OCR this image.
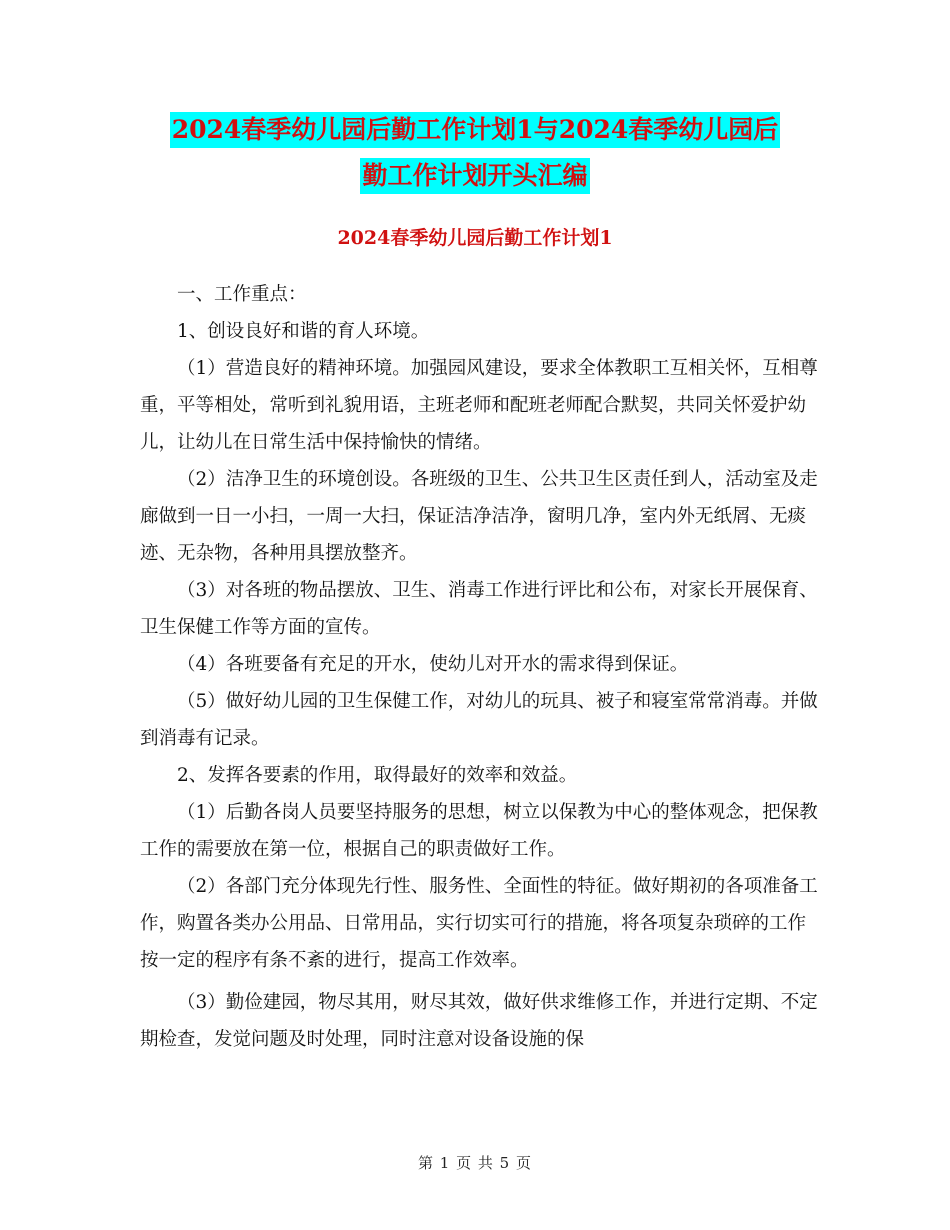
2024春季幼儿园后勤工作计划1与2024春季幼儿园后
勤工作计划开头汇编
2024春季幼儿园后勤工作计划1

一、工作重点：

1、创设良好和谐的育人环境。

（1）营造良好的精神环境。加强园风建设，要求全体教职工互相关怀，互相尊重，平等相处，常听到礼貌用语，主班老师和配班老师配合默契，共同关怀爱护幼儿，让幼儿在日常生活中保持愉快的情绪。

（2）洁净卫生的环境创设。各班级的卫生、公共卫生区责任到人，活动室及走廊做到一日一小扫，一周一大扫，保证洁净洁净，窗明几净，室内外无纸屑、无痰迹、无杂物，各种用具摆放整齐。

（3）对各班的物品摆放、卫生、消毒工作进行评比和公布，对家长开展保育、卫生保健工作等方面的宣传。

（4）各班要备有充足的开水，使幼儿对开水的需求得到保证。

（5）做好幼儿园的卫生保健工作，对幼儿的玩具、被子和寝室常常消毒。并做到消毒有记录。

2、发挥各要素的作用，取得最好的效率和效益。

（1）后勤各岗人员要坚持服务的思想，树立以保教为中心的整体观念，把保教工作的需要放在第一位，根据自己的职责做好工作。

（2）各部门充分体现先行性、服务性、全面性的特征。做好期初的各项准备工作，购置各类办公用品、日常用品，实行切实可行的措施，将各项复杂琐碎的工作按一定的程序有条不紊的进行，提高工作效率。

（3）勤俭建园，物尽其用，财尽其效，做好供求维修工作，并进行定期、不定期检查，发觉问题及时处理，同时注意对设备设施的保

第 1 页 共 5 页
